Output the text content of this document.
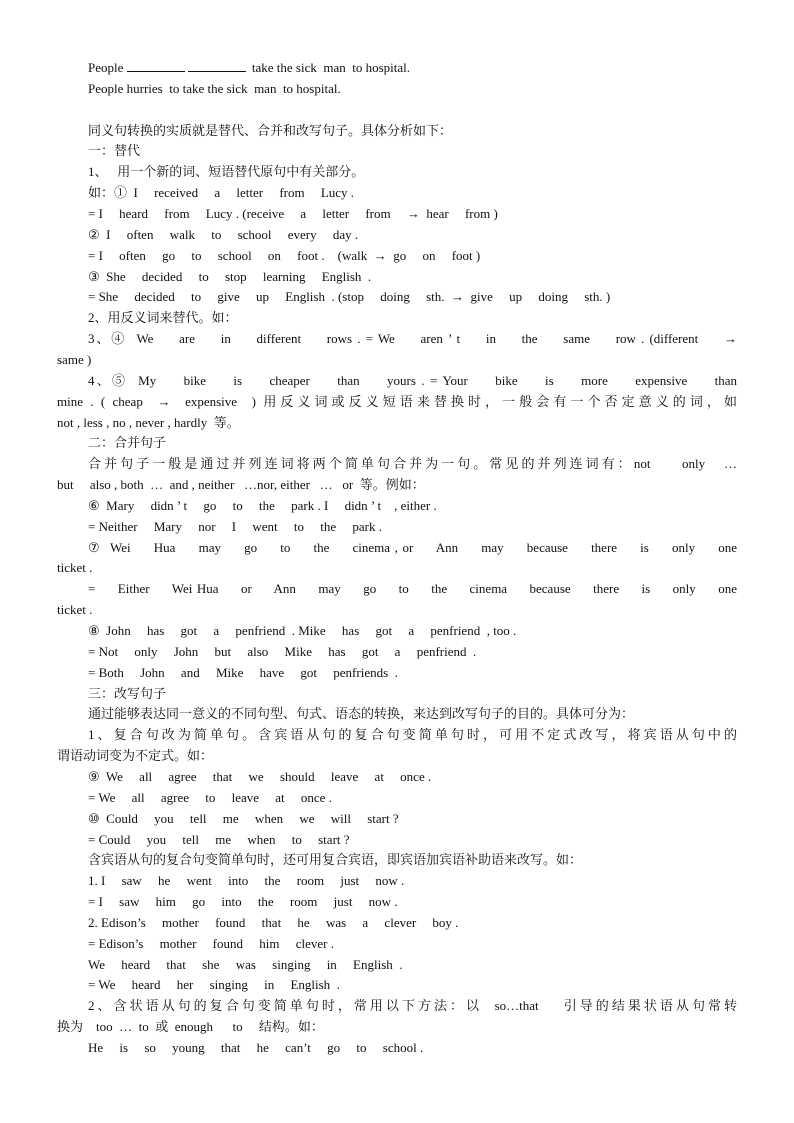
People	take the sick  man  to hospital.
People hurries  to take the sick  man  to hospital.
同义句转换的实质就是替代、合并和改写句子。具体分析如下：
一：替代
1、   用一个新的词、短语替代原句中有关部分。
如：①  I     received     a     letter     from     Lucy .
= I     heard     from     Lucy . (receive     a     letter     from     →  hear     from )
②  I     often     walk     to     school     every     day .
= I     often     go     to     school     on     foot .    (walk  →  go     on     foot )
③  She     decided     to     stop     learning     English  .
= She     decided     to     give     up     English  . (stop     doing     sth.  →  give     up     doing     sth. )
2、用反义词来替代。如：
3、④  We     are     in     different     rows . = We     aren ’ t     in     the     same     row . (different     →
same )
4、⑤  My     bike     is     cheaper     than     yours . = Your     bike     is     more     expensive     than
mine . ( cheap  →  expensive  ) 用反义词或反义短语来替换时，一般会有一个否定意义的词，如
not , less , no , never , hardly  等。
二：合并句子
合并句子一般是通过并列连词将两个简单句合并为一句。常见的并列连词有：not     only   …
but     also , both  …  and , neither   …nor, either   …   or  等。例如：
⑥  Mary     didn ’ t     go     to     the     park . I     didn ’ t    , either .
= Neither     Mary     nor     I     went     to     the     park .
⑦  Wei     Hua     may     go     to     the     cinema , or     Ann     may     because     there     is     only     one
ticket .
=     Either     Wei Hua     or     Ann     may     go     to     the     cinema     because     there     is     only     one
ticket .
⑧  John     has     got     a     penfriend  . Mike     has     got     a     penfriend  , too .
= Not     only     John     but     also     Mike     has     got     a     penfriend  .
= Both     John     and     Mike     have     got     penfriends  .
三：改写句子
通过能够表达同一意义的不同句型、句式、语态的转换，来达到改写句子的目的。具体可分为：
1、复合句改为简单句。含宾语从句的复合句变简单句时，可用不定式改写，将宾语从句中的
谓语动词变为不定式。如：
⑨  We     all     agree     that     we     should     leave     at     once .
= We     all     agree     to     leave     at     once .
⑩  Could     you     tell     me     when     we     will     start ?
= Could     you     tell     me     when     to     start ?
含宾语从句的复合句变简单句时，还可用复合宾语，即宾语加宾语补助语来改写。如：
1. I     saw     he     went     into     the     room     just     now .
= I     saw     him     go     into     the     room     just     now .
2. Edison’s     mother     found     that     he     was     a     clever     boy .
= Edison’s     mother     found     him     clever .
We     heard     that     she     was     singing     in     English  .
= We     heard     her     singing     in     English  .
2、含状语从句的复合句变简单句时，常用以下方法：以  so…that    引导的结果状语从句常转
换为    too  …  to  或  enough      to     结构。如：
He     is     so     young     that     he     can’t     go     to     school .
